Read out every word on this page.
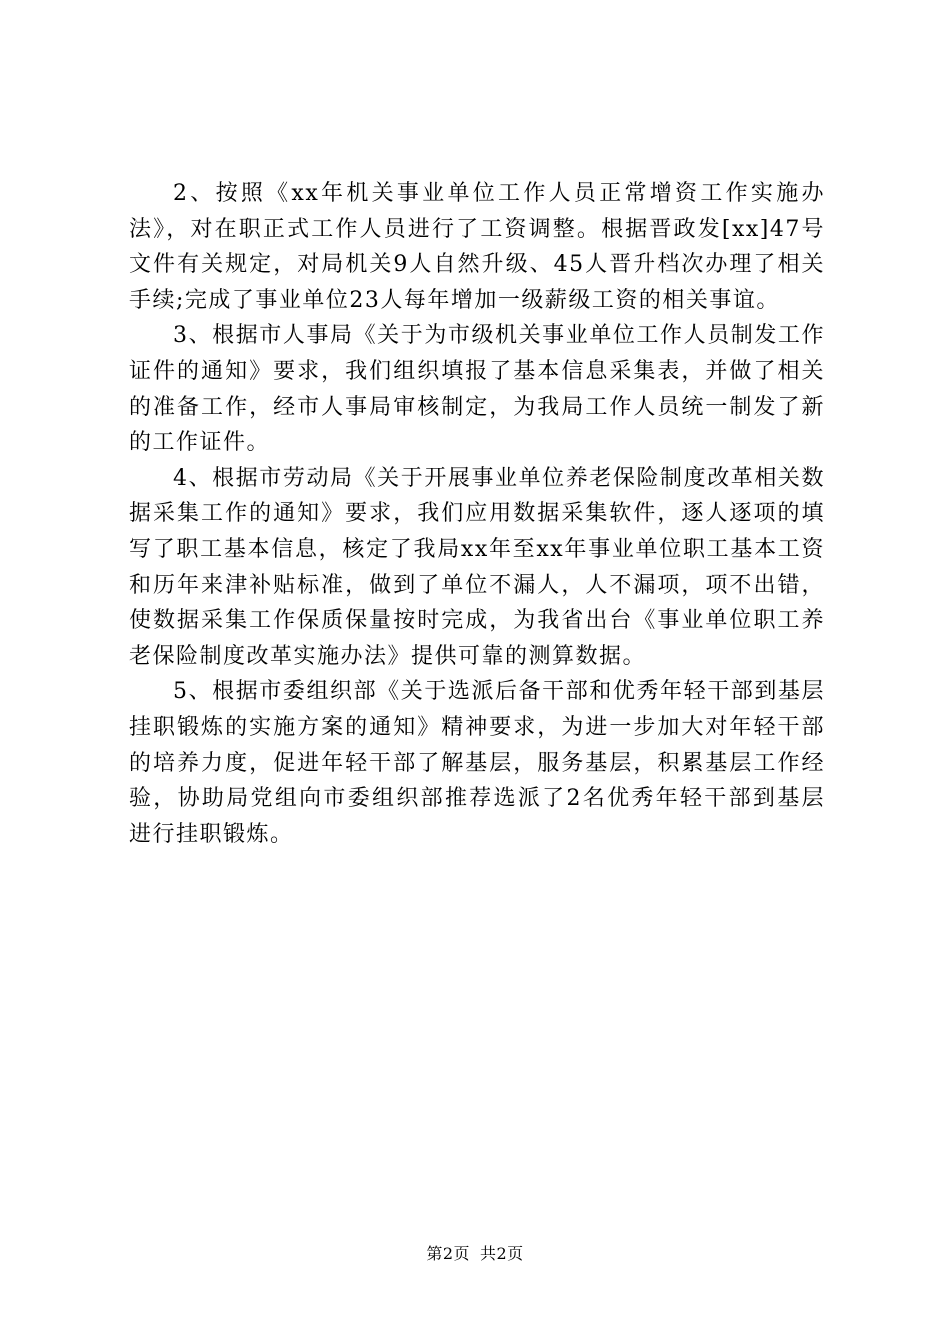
2、按照《xx年机关事业单位工作人员正常增资工作实施办法》，对在职正式工作人员进行了工资调整。根据晋政发[xx]47号文件有关规定，对局机关9人自然升级、45人晋升档次办理了相关手续;完成了事业单位23人每年增加一级薪级工资的相关事谊。

3、根据市人事局《关于为市级机关事业单位工作人员制发工作证件的通知》要求，我们组织填报了基本信息采集表，并做了相关的准备工作，经市人事局审核制定，为我局工作人员统一制发了新的工作证件。

4、根据市劳动局《关于开展事业单位养老保险制度改革相关数据采集工作的通知》要求，我们应用数据采集软件，逐人逐项的填写了职工基本信息，核定了我局xx年至xx年事业单位职工基本工资和历年来津补贴标准，做到了单位不漏人，人不漏项，项不出错，使数据采集工作保质保量按时完成，为我省出台《事业单位职工养老保险制度改革实施办法》提供可靠的测算数据。

5、根据市委组织部《关于选派后备干部和优秀年轻干部到基层挂职锻炼的实施方案的通知》精神要求，为进一步加大对年轻干部的培养力度，促进年轻干部了解基层，服务基层，积累基层工作经验，协助局党组向市委组织部推荐选派了2名优秀年轻干部到基层进行挂职锻炼。

第2页 共2页
